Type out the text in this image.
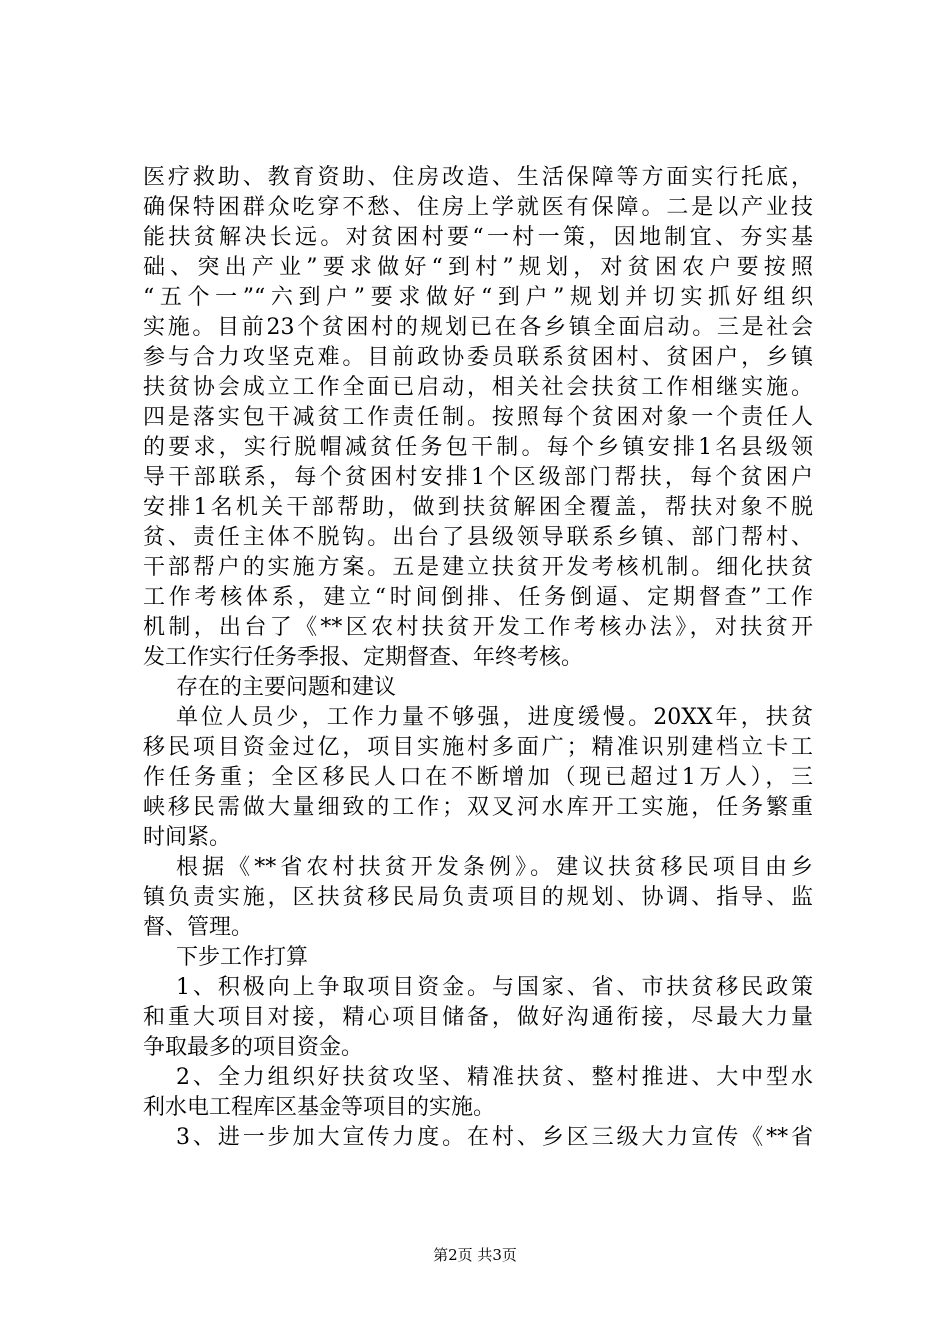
医疗救助、教育资助、住房改造、生活保障等方面实行托底，
确保特困群众吃穿不愁、住房上学就医有保障。二是以产业技
能扶贫解决长远。对贫困村要“一村一策，因地制宜、夯实基
础、突出产业”要求做好“到村”规划，对贫困农户要按照
“五个一”“六到户”要求做好“到户”规划并切实抓好组织
实施。目前23个贫困村的规划已在各乡镇全面启动。三是社会
参与合力攻坚克难。目前政协委员联系贫困村、贫困户，乡镇
扶贫协会成立工作全面已启动，相关社会扶贫工作相继实施。
四是落实包干减贫工作责任制。按照每个贫困对象一个责任人
的要求，实行脱帽减贫任务包干制。每个乡镇安排1名县级领
导干部联系，每个贫困村安排1个区级部门帮扶，每个贫困户
安排1名机关干部帮助，做到扶贫解困全覆盖，帮扶对象不脱
贫、责任主体不脱钩。出台了县级领导联系乡镇、部门帮村、
干部帮户的实施方案。五是建立扶贫开发考核机制。细化扶贫
工作考核体系，建立“时间倒排、任务倒逼、定期督查”工作
机制，出台了《**区农村扶贫开发工作考核办法》，对扶贫开
发工作实行任务季报、定期督查、年终考核。
存在的主要问题和建议
单位人员少，工作力量不够强，进度缓慢。20XX年，扶贫
移民项目资金过亿，项目实施村多面广；精准识别建档立卡工
作任务重；全区移民人口在不断增加（现已超过1万人），三
峡移民需做大量细致的工作；双叉河水库开工实施，任务繁重
时间紧。
根据《**省农村扶贫开发条例》。建议扶贫移民项目由乡
镇负责实施，区扶贫移民局负责项目的规划、协调、指导、监
督、管理。
下步工作打算
1、积极向上争取项目资金。与国家、省、市扶贫移民政策
和重大项目对接，精心项目储备，做好沟通衔接，尽最大力量
争取最多的项目资金。
2、全力组织好扶贫攻坚、精准扶贫、整村推进、大中型水
利水电工程库区基金等项目的实施。
3、进一步加大宣传力度。在村、乡区三级大力宣传《**省
第2页 共3页
